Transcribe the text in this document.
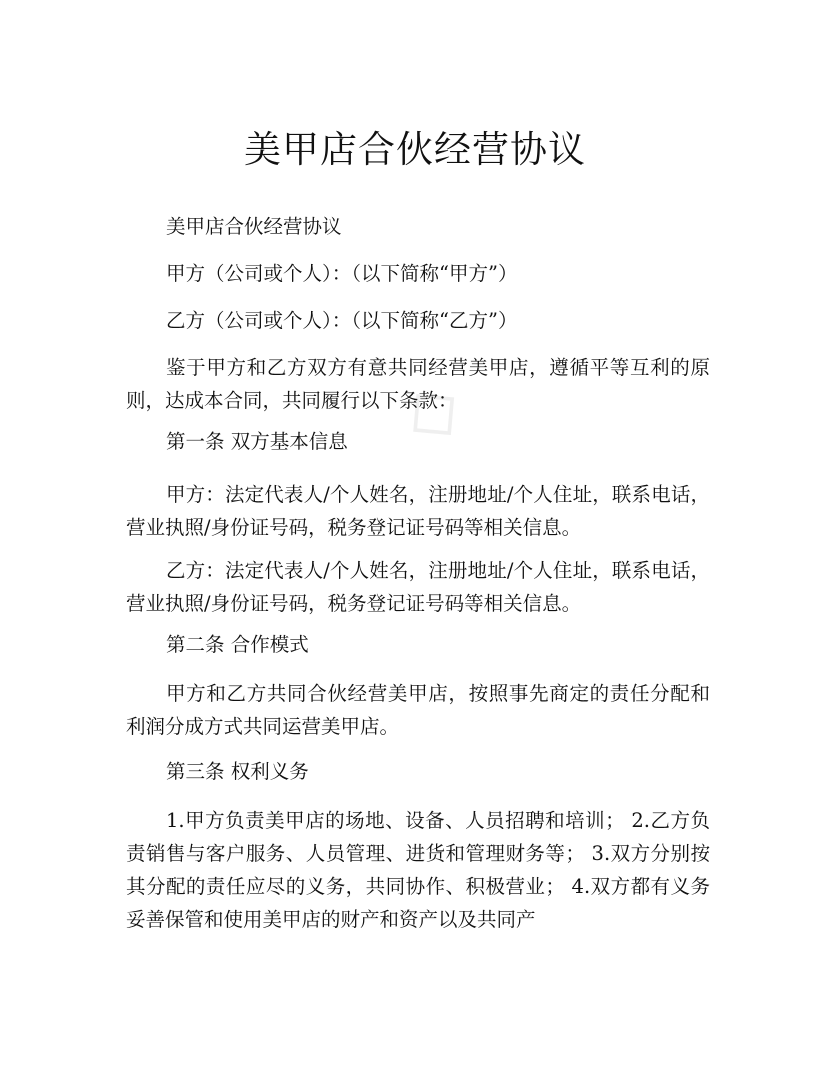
◇
美甲店合伙经营协议
美甲店合伙经营协议
甲方（公司或个人）：（以下简称“甲方”）
乙方（公司或个人）：（以下简称“乙方”）
鉴于甲方和乙方双方有意共同经营美甲店，遵循平等互利的原则，达成本合同，共同履行以下条款：
第一条 双方基本信息
甲方：法定代表人/个人姓名，注册地址/个人住址，联系电话，营业执照/身份证号码，税务登记证号码等相关信息。
乙方：法定代表人/个人姓名，注册地址/个人住址，联系电话，营业执照/身份证号码，税务登记证号码等相关信息。
第二条 合作模式
甲方和乙方共同合伙经营美甲店，按照事先商定的责任分配和利润分成方式共同运营美甲店。
第三条 权利义务
1.甲方负责美甲店的场地、设备、人员招聘和培训； 2.乙方负责销售与客户服务、人员管理、进货和管理财务等； 3.双方分别按其分配的责任应尽的义务，共同协作、积极营业； 4.双方都有义务妥善保管和使用美甲店的财产和资产以及共同产
